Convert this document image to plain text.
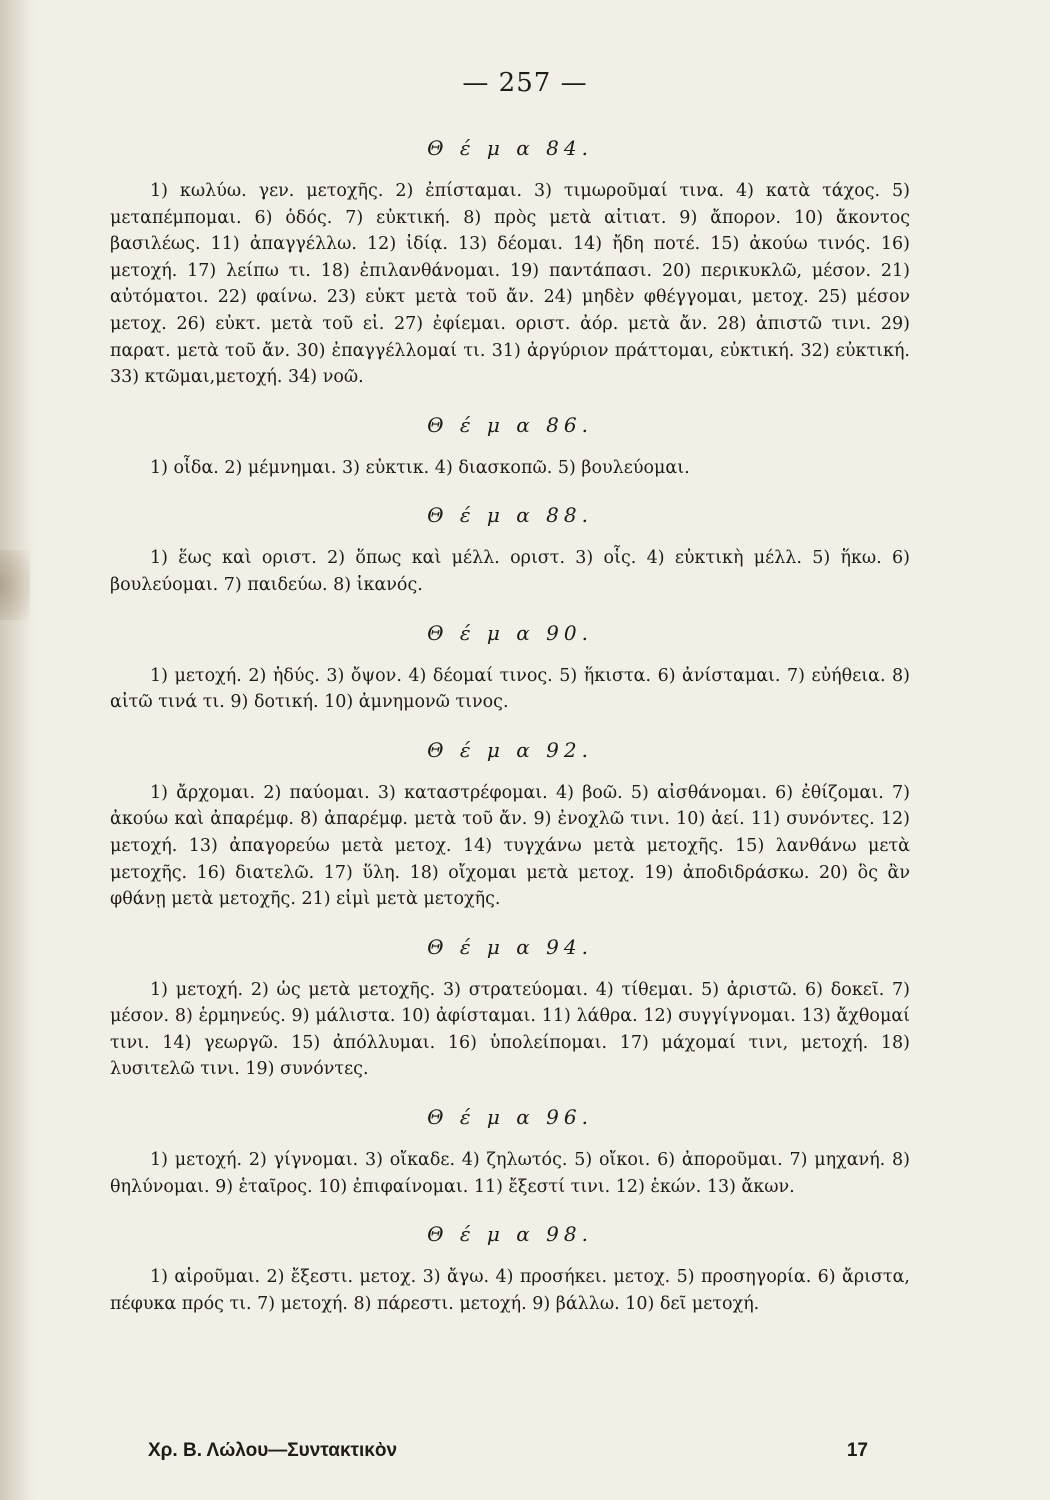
— 257 —
Θ έ μ α 84.

1) κωλύω. γεν. μετοχῆς. 2) ἐπίσταμαι. 3) τιμωροῦμαί τινα. 4) κατὰ τάχος. 5) μεταπέμπομαι. 6) ὁδός. 7) εὐκτική. 8) πρὸς μετὰ αἰτιατ. 9) ἄπορον. 10) ἄκοντος βασιλέως. 11) ἀπαγγέλλω. 12) ἰδίᾳ. 13) δέομαι. 14) ἤδη ποτέ. 15) ἀκούω τινός. 16) μετοχή. 17) λείπω τι. 18) ἐπιλανθάνομαι. 19) παντάπασι. 20) περικυκλῶ, μέσον. 21) αὐτόματοι. 22) φαίνω. 23) εὐκτ μετὰ τοῦ ἄν. 24) μηδὲν φθέγγομαι, μετοχ. 25) μέσον μετοχ. 26) εὐκτ. μετὰ τοῦ εἰ. 27) ἐφίεμαι. οριστ. ἀόρ. μετὰ ἄν. 28) ἀπιστῶ τινι. 29) παρατ. μετὰ τοῦ ἄν. 30) ἐπαγγέλλομαί τι. 31) ἀργύριον πράττομαι, εὐκτική. 32) εὐκτική. 33) κτῶμαι,μετοχή. 34) νοῶ.

Θ έ μ α 86.

1) οἶδα. 2) μέμνημαι. 3) εὐκτικ. 4) διασκοπῶ. 5) βουλεύομαι.

Θ έ μ α 88.

1) ἕως καὶ οριστ. 2) ὅπως καὶ μέλλ. οριστ. 3) οἷς. 4) εὐκτικὴ μέλλ. 5) ἥκω. 6) βουλεύομαι. 7) παιδεύω. 8) ἱκανός.

Θ έ μ α 90.

1) μετοχή. 2) ἡδύς. 3) ὄψον. 4) δέομαί τινος. 5) ἥκιστα. 6) ἀνίσταμαι. 7) εὐήθεια. 8) αἰτῶ τινά τι. 9) δοτική. 10) ἀμνημονῶ τινος.

Θ έ μ α 92.

1) ἄρχομαι. 2) παύομαι. 3) καταστρέφομαι. 4) βοῶ. 5) αἰσθάνομαι. 6) ἐθίζομαι. 7) ἀκούω καὶ ἀπαρέμφ. 8) ἀπαρέμφ. μετὰ τοῦ ἄν. 9) ἐνοχλῶ τινι. 10) ἀεί. 11) συνόντες. 12) μετοχή. 13) ἀπαγορεύω μετὰ μετοχ. 14) τυγχάνω μετὰ μετοχῆς. 15) λανθάνω μετὰ μετοχῆς. 16) διατελῶ. 17) ὕλη. 18) οἴχομαι μετὰ μετοχ. 19) ἀποδιδράσκω. 20) ὃς ἂν φθάνῃ μετὰ μετοχῆς. 21) εἰμὶ μετὰ μετοχῆς.

Θ έ μ α 94.

1) μετοχή. 2) ὡς μετὰ μετοχῆς. 3) στρατεύομαι. 4) τίθεμαι. 5) ἀριστῶ. 6) δοκεῖ. 7) μέσον. 8) ἑρμηνεύς. 9) μάλιστα. 10) ἀφίσταμαι. 11) λάθρα. 12) συγγίγνομαι. 13) ἄχθομαί τινι. 14) γεωργῶ. 15) ἀπόλλυμαι. 16) ὑπολείπομαι. 17) μάχομαί τινι, μετοχή. 18) λυσιτελῶ τινι. 19) συνόντες.

Θ έ μ α 96.

1) μετοχή. 2) γίγνομαι. 3) οἴκαδε. 4) ζηλωτός. 5) οἴκοι. 6) ἀποροῦμαι. 7) μηχανή. 8) θηλύνομαι. 9) ἑταῖρος. 10) ἐπιφαίνομαι. 11) ἔξεστί τινι. 12) ἑκών. 13) ἄκων.

Θ έ μ α 98.

1) αἱροῦμαι. 2) ἔξεστι. μετοχ. 3) ἄγω. 4) προσήκει. μετοχ. 5) προσηγορία. 6) ἄριστα, πέφυκα πρός τι. 7) μετοχή. 8) πάρεστι. μετοχή. 9) βάλλω. 10) δεῖ μετοχή.

Χρ. Β. Λώλου—Συντακτικὸν	17
